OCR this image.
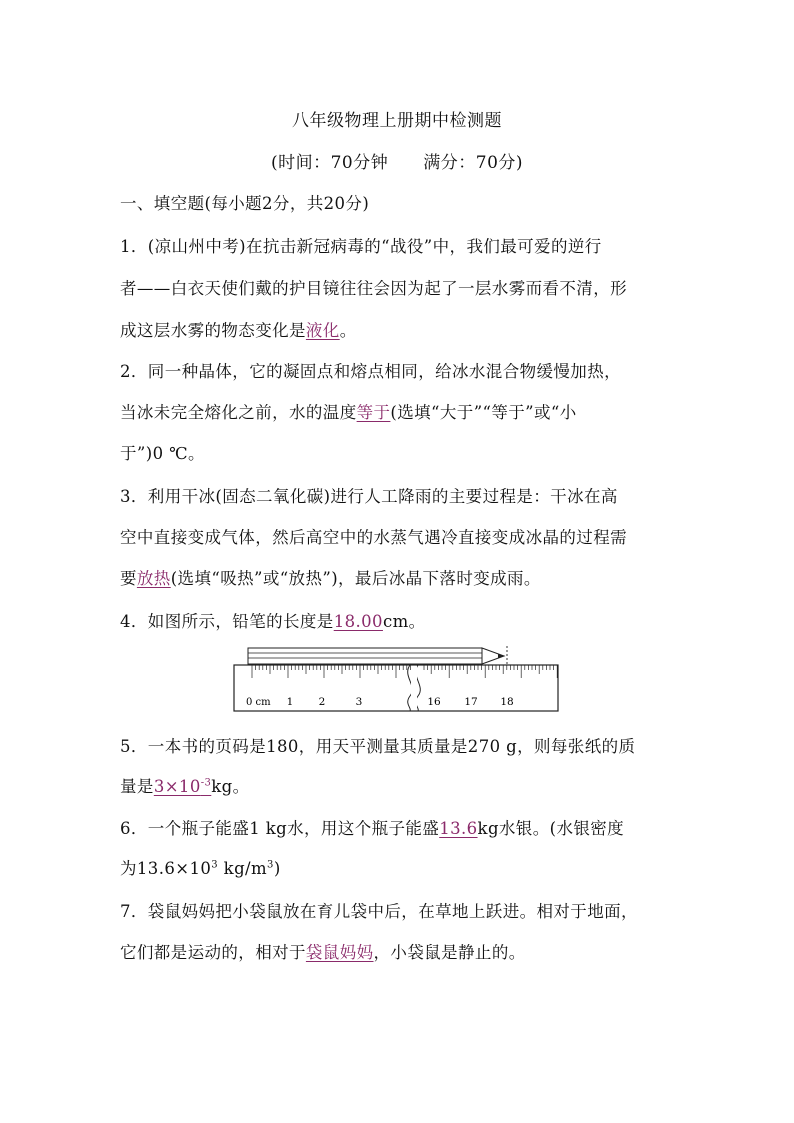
八年级物理上册期中检测题
(时间：70分钟　　满分：70分)
一、填空题(每小题2分，共20分)
1．(凉山州中考)在抗击新冠病毒的“战役”中，我们最可爱的逆行
者——白衣天使们戴的护目镜往往会因为起了一层水雾而看不清，形
成这层水雾的物态变化是液化。
2．同一种晶体，它的凝固点和熔点相同，给冰水混合物缓慢加热，
当冰未完全熔化之前，水的温度等于(选填“大于”“等于”或“小
于”)0 ℃。
3．利用干冰(固态二氧化碳)进行人工降雨的主要过程是：干冰在高
空中直接变成气体，然后高空中的水蒸气遇冷直接变成冰晶的过程需
要放热(选填“吸热”或“放热”)，最后冰晶下落时变成雨。
4．如图所示，铅笔的长度是18.00cm。
0 cm 1 2	3	16 17 18
5．一本书的页码是180，用天平测量其质量是270 g，则每张纸的质
量是$3\times 10^{-3}kg$。
6．一个瓶子能盛1 kg水，用这个瓶子能盛13.6kg水银。(水银密度
为$13.6\times 10^3$ $kg/m^3$)
7．袋鼠妈妈把小袋鼠放在育儿袋中后，在草地上跃进。相对于地面，
它们都是运动的，相对于袋鼠妈妈，小袋鼠是静止的。
